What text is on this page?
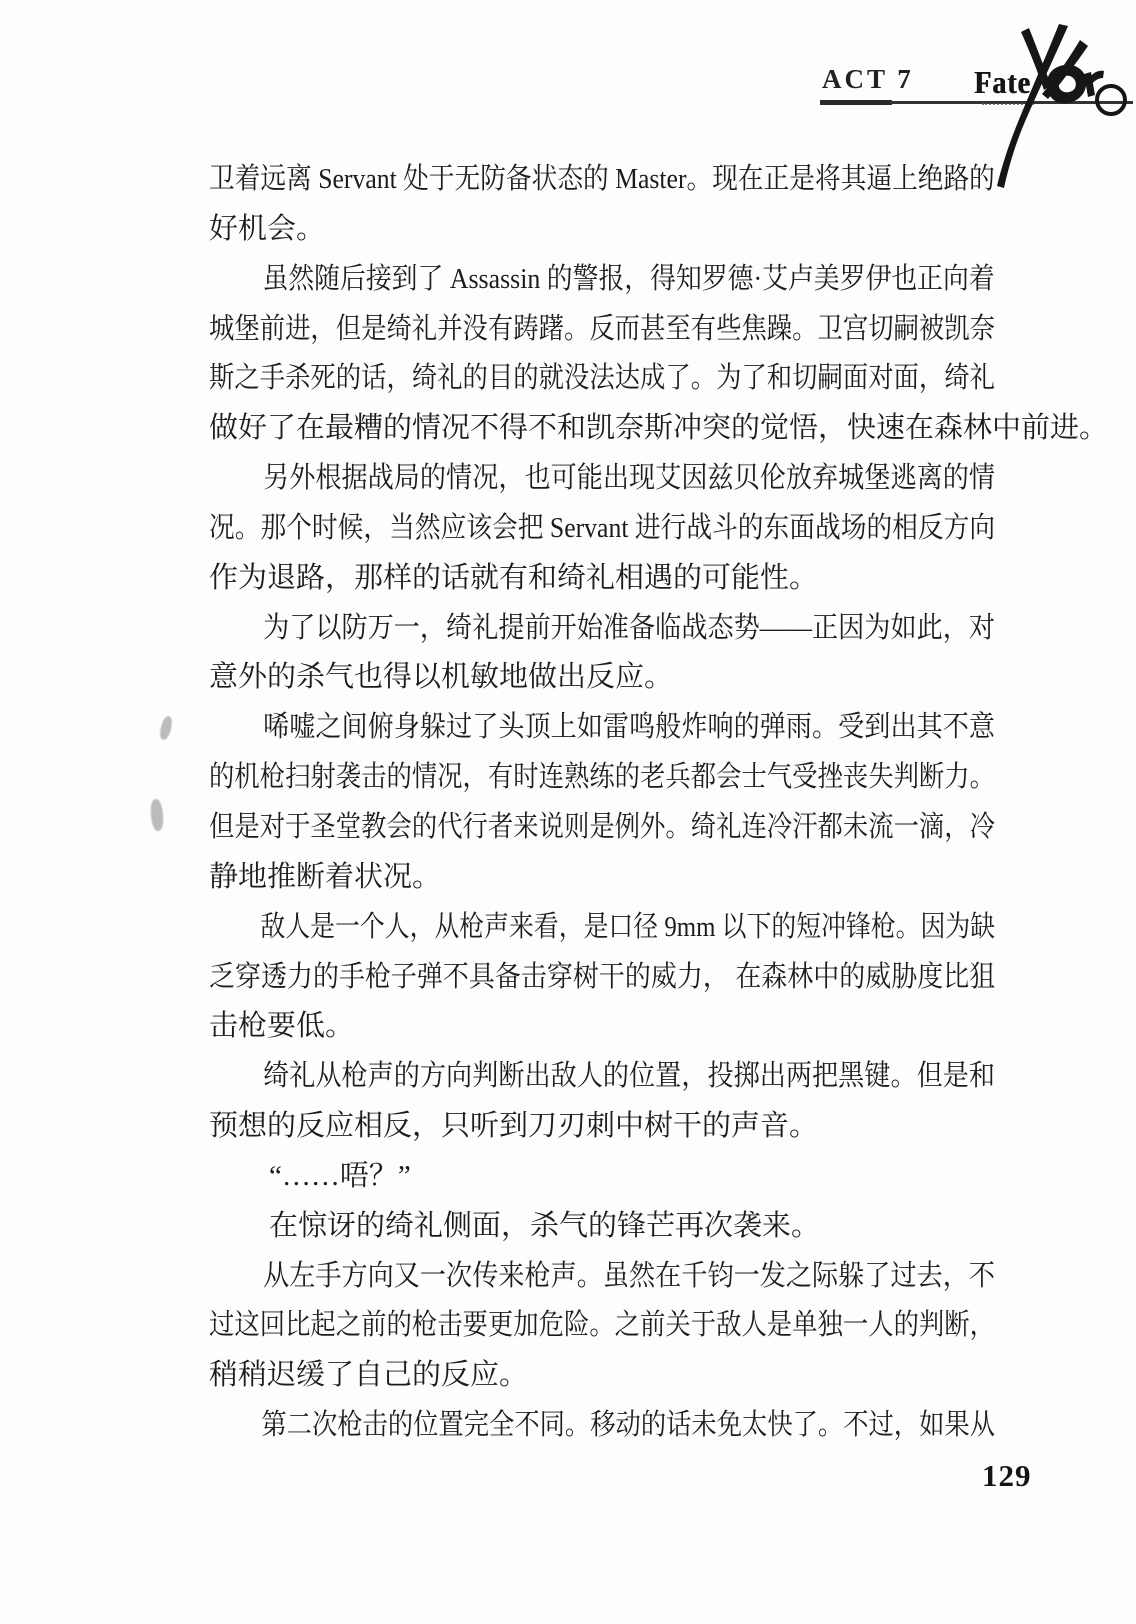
ACT 7 Fate
卫着远离 Servant 处于无防备状态的 Master。现在正是将其逼上绝路的
好机会。
虽然随后接到了 Assassin 的警报，得知罗德·艾卢美罗伊也正向着
城堡前进，但是绮礼并没有踌躇。反而甚至有些焦躁。卫宫切嗣被凯奈
斯之手杀死的话，绮礼的目的就没法达成了。为了和切嗣面对面，绮礼
做好了在最糟的情况不得不和凯奈斯冲突的觉悟，快速在森林中前进。
另外根据战局的情况，也可能出现艾因兹贝伦放弃城堡逃离的情
况。那个时候，当然应该会把 Servant 进行战斗的东面战场的相反方向
作为退路，那样的话就有和绮礼相遇的可能性。
为了以防万一，绮礼提前开始准备临战态势——正因为如此，对
意外的杀气也得以机敏地做出反应。
唏嘘之间俯身躲过了头顶上如雷鸣般炸响的弹雨。受到出其不意
的机枪扫射袭击的情况，有时连熟练的老兵都会士气受挫丧失判断力。
但是对于圣堂教会的代行者来说则是例外。绮礼连冷汗都未流一滴，冷
静地推断着状况。
敌人是一个人，从枪声来看，是口径 9mm 以下的短冲锋枪。因为缺
乏穿透力的手枪子弹不具备击穿树干的威力， 在森林中的威胁度比狙
击枪要低。
绮礼从枪声的方向判断出敌人的位置，投掷出两把黑键。但是和
预想的反应相反，只听到刀刃刺中树干的声音。
“……唔？”
在惊讶的绮礼侧面，杀气的锋芒再次袭来。
从左手方向又一次传来枪声。虽然在千钧一发之际躲了过去，不
过这回比起之前的枪击要更加危险。之前关于敌人是单独一人的判断，
稍稍迟缓了自己的反应。
第二次枪击的位置完全不同。移动的话未免太快了。不过，如果从
129
